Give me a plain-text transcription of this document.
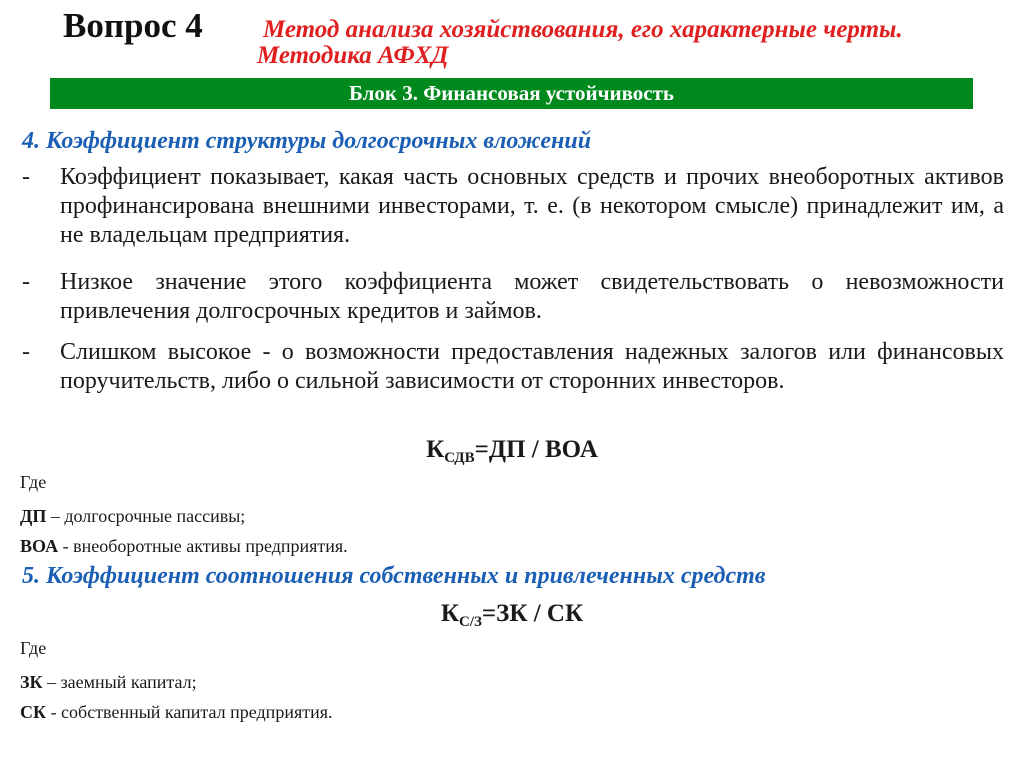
Вопрос 4 Метод анализа хозяйствования, его характерные черты.
Методика АФХД
Блок 3. Финансовая устойчивость
4. Коэффициент структуры долгосрочных вложений
-	Коэффициент показывает, какая часть основных средств и прочих внеоборотных активов профинансирована внешними инвесторами, т. е. (в некотором смысле) принадлежит им, а не владельцам предприятия.
-	Низкое значение этого коэффициента может свидетельствовать о невозможности привлечения долгосрочных кредитов и займов.
-	Слишком высокое - о возможности предоставления надежных залогов или финансовых поручительств, либо о сильной зависимости от сторонних инвесторов.
$К_{СДВ}=ДП$ / ВОА
Где
ДП – долгосрочные пассивы;
ВОА - внеоборотные активы предприятия.
5. Коэффициент соотношения собственных и привлеченных средств
$К_{С/З}=ЗК$ / СК
Где
ЗК – заемный капитал;
СК - собственный капитал предприятия.
